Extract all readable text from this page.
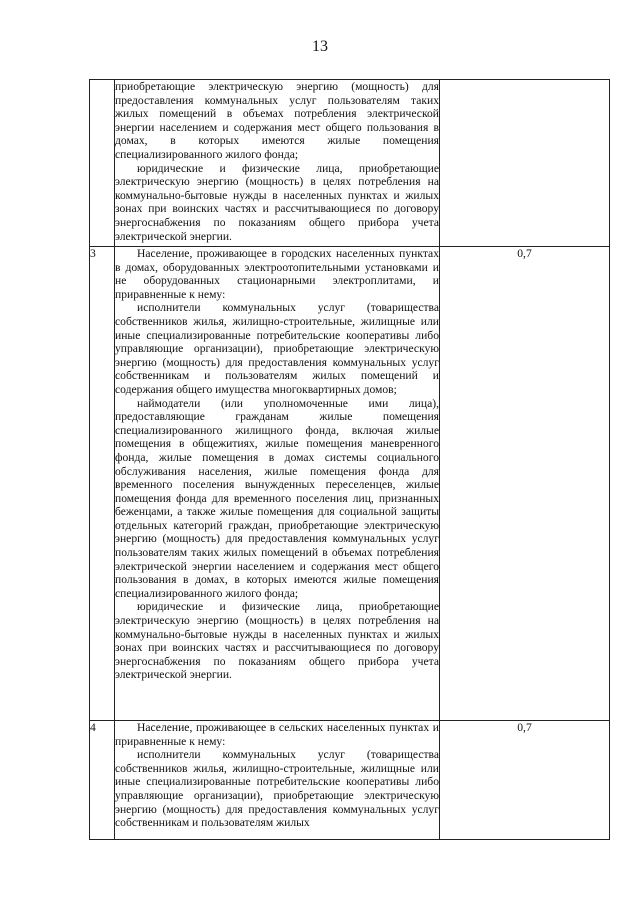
13

	приобретающие электрическую энергию (мощность) для предоставления коммунальных услуг пользователям таких жилых помещений в объемах потребления электрической энергии населением и содержания мест общего пользования в домах, в которых имеются жилые помещения специализированного жилого фонда;

юридические и физические лица, приобретающие электрическую энергию (мощность) в целях потребления на коммунально-бытовые нужды в населенных пунктах и жилых зонах при воинских частях и рассчитывающиеся по договору энергоснабжения по показаниям общего прибора учета электрической энергии.	

3	Население, проживающее в городских населенных пунктах в домах, оборудованных электроотопительными установками и не оборудованных стационарными электроплитами, и приравненные к нему:

исполнители коммунальных услуг (товарищества собственников жилья, жилищно-строительные, жилищные или иные специализированные потребительские кооперативы либо управляющие организации), приобретающие электрическую энергию (мощность) для предоставления коммунальных услуг собственникам и пользователям жилых помещений и содержания общего имущества многоквартирных домов;

наймодатели (или уполномоченные ими лица), предоставляющие гражданам жилые помещения специализированного жилищного фонда, включая жилые помещения в общежитиях, жилые помещения маневренного фонда, жилые помещения в домах системы социального обслуживания населения, жилые помещения фонда для временного поселения вынужденных переселенцев, жилые помещения фонда для временного поселения лиц, признанных беженцами, а также жилые помещения для социальной защиты отдельных категорий граждан, приобретающие электрическую энергию (мощность) для предоставления коммунальных услуг пользователям таких жилых помещений в объемах потребления электрической энергии населением и содержания мест общего пользования в домах, в которых имеются жилые помещения специализированного жилого фонда;

юридические и физические лица, приобретающие электрическую энергию (мощность) в целях потребления на коммунально-бытовые нужды в населенных пунктах и жилых зонах при воинских частях и рассчитывающиеся по договору энергоснабжения по показаниям общего прибора учета электрической энергии.	0,7
4	Население, проживающее в сельских населенных пунктах и приравненные к нему:

исполнители коммунальных услуг (товарищества собственников жилья, жилищно-строительные, жилищные или иные специализированные потребительские кооперативы либо управляющие организации), приобретающие электрическую энергию (мощность) для предоставления коммунальных услуг собственникам и пользователям жилых	0,7
